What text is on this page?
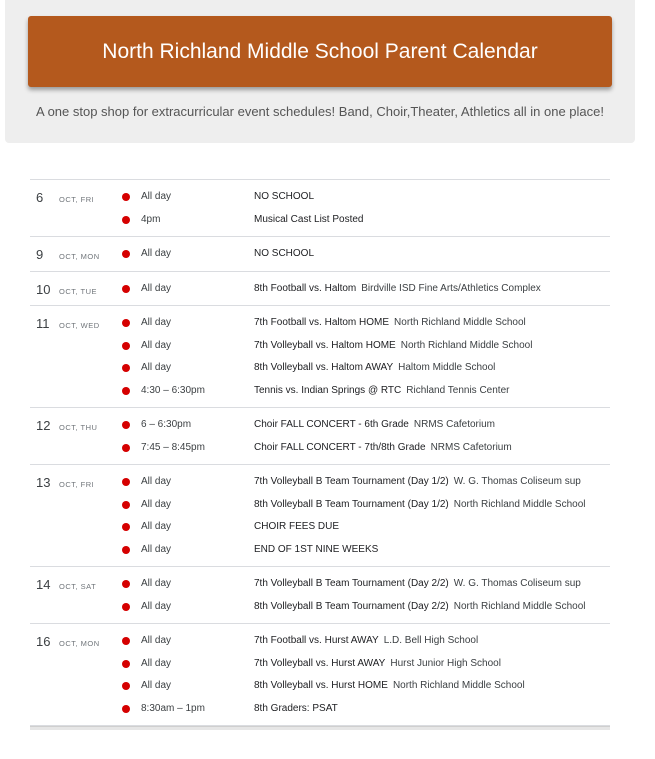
North Richland Middle School Parent Calendar
A one stop shop for extracurricular event schedules! Band, Choir,Theater, Athletics all in one place!
6 OCT, FRI	All day	NO SCHOOL
4pm	Musical Cast List Posted
9 OCT, MON	All day	NO SCHOOL
10 OCT, TUE	All day	8th Football vs. Haltom Birdville ISD Fine Arts/Athletics Complex
11 OCT, WED	All day	7th Football vs. Haltom HOME North Richland Middle School
All day	7th Volleyball vs. Haltom HOME North Richland Middle School
All day	8th Volleyball vs. Haltom AWAY Haltom Middle School
4:30 – 6:30pm	Tennis vs. Indian Springs @ RTC Richland Tennis Center
12 OCT, THU	6 – 6:30pm	Choir FALL CONCERT - 6th Grade NRMS Cafetorium
7:45 – 8:45pm	Choir FALL CONCERT - 7th/8th Grade NRMS Cafetorium
13 OCT, FRI	All day	7th Volleyball B Team Tournament (Day 1/2) W. G. Thomas Coliseum sup
All day	8th Volleyball B Team Tournament (Day 1/2) North Richland Middle School
All day	CHOIR FEES DUE
All day	END OF 1ST NINE WEEKS
14 OCT, SAT	All day	7th Volleyball B Team Tournament (Day 2/2) W. G. Thomas Coliseum sup
All day	8th Volleyball B Team Tournament (Day 2/2) North Richland Middle School
16 OCT, MON	All day	7th Football vs. Hurst AWAY L.D. Bell High School
All day	7th Volleyball vs. Hurst AWAY Hurst Junior High School
All day	8th Volleyball vs. Hurst HOME North Richland Middle School
8:30am – 1pm	8th Graders: PSAT
